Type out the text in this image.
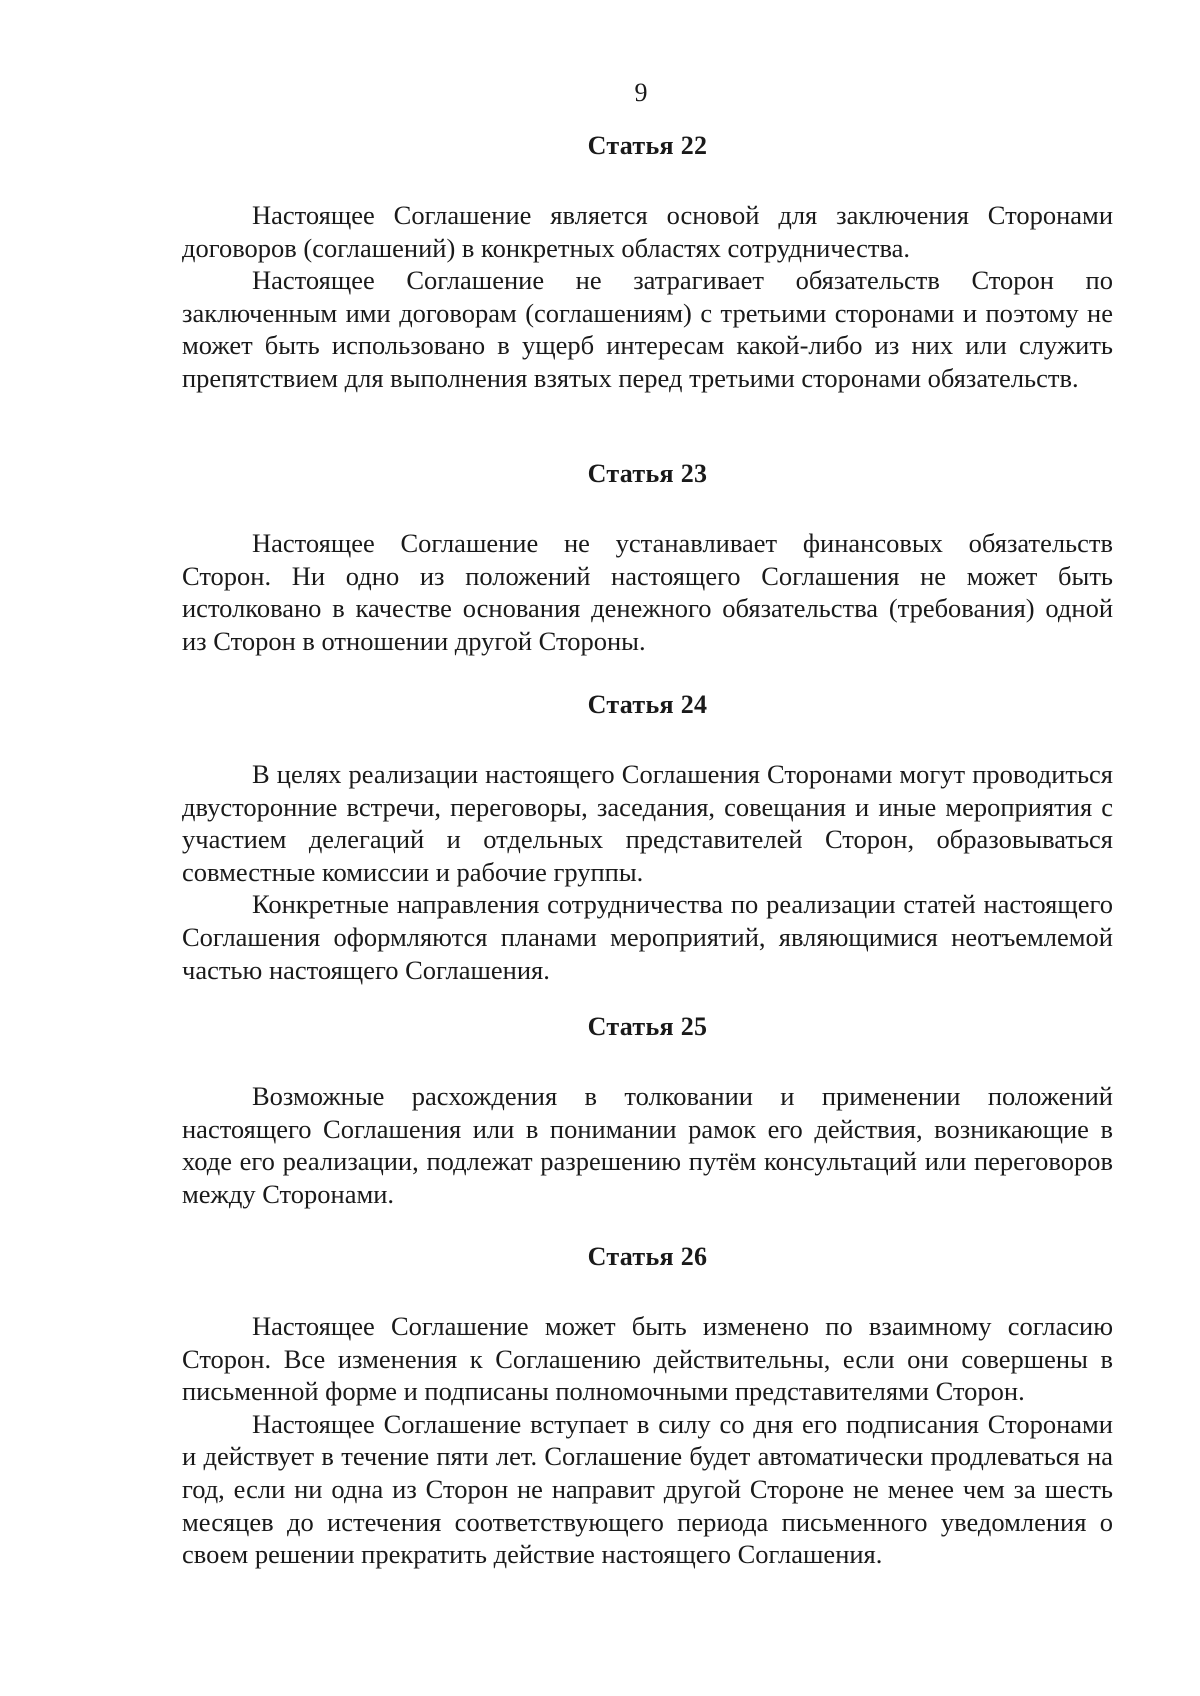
9
Статья 22

Настоящее Соглашение является основой для заключения Сторонами договоров (соглашений) в конкретных областях сотрудничества.

Настоящее Соглашение не затрагивает обязательств Сторон по заключенным ими договорам (соглашениям) с третьими сторонами и поэтому не может быть использовано в ущерб интересам какой-либо из них или служить препятствием для выполнения взятых перед третьими сторонами обязательств.

Статья 23

Настоящее Соглашение не устанавливает финансовых обязательств Сторон. Ни одно из положений настоящего Соглашения не может быть истолковано в качестве основания денежного обязательства (требования) одной из Сторон в отношении другой Стороны.

Статья 24

В целях реализации настоящего Соглашения Сторонами могут проводиться двусторонние встречи, переговоры, заседания, совещания и иные мероприятия с участием делегаций и отдельных представителей Сторон, образовываться совместные комиссии и рабочие группы.

Конкретные направления сотрудничества по реализации статей настоящего Соглашения оформляются планами мероприятий, являющимися неотъемлемой частью настоящего Соглашения.

Статья 25

Возможные расхождения в толковании и применении положений настоящего Соглашения или в понимании рамок его действия, возникающие в ходе его реализации, подлежат разрешению путём консультаций или переговоров между Сторонами.

Статья 26

Настоящее Соглашение может быть изменено по взаимному согласию Сторон. Все изменения к Соглашению действительны, если они совершены в письменной форме и подписаны полномочными представителями Сторон.

Настоящее Соглашение вступает в силу со дня его подписания Сторонами и действует в течение пяти лет. Соглашение будет автоматически продлеваться на год, если ни одна из Сторон не направит другой Стороне не менее чем за шесть месяцев до истечения соответствующего периода письменного уведомления о своем решении прекратить действие настоящего Соглашения.
